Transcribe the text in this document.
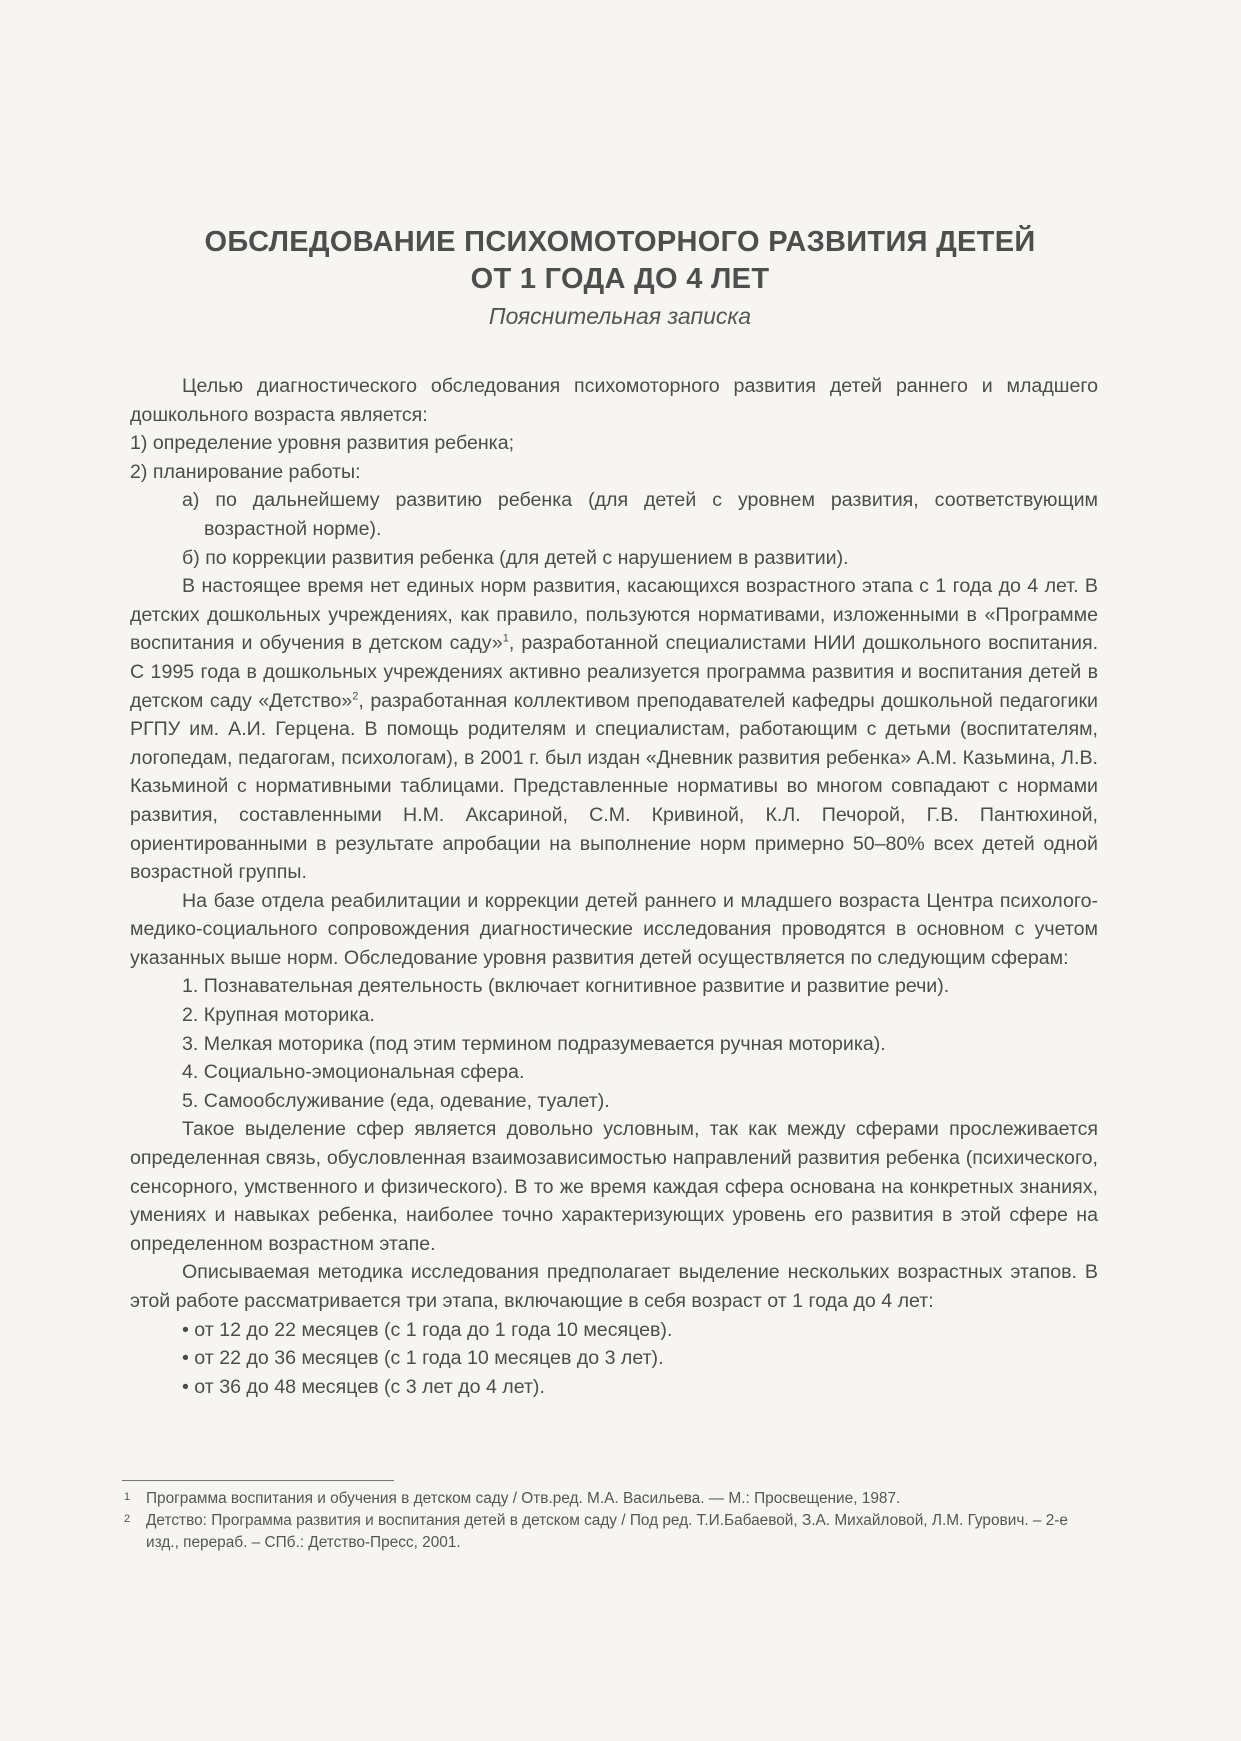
ОБСЛЕДОВАНИЕ ПСИХОМОТОРНОГО РАЗВИТИЯ ДЕТЕЙ
ОТ 1 ГОДА ДО 4 ЛЕТ
Пояснительная записка

Целью диагностического обследования психомоторного развития детей раннего и младшего дошкольного возраста является:

1) определение уровня развития ребенка;

2) планирование работы:

а) по дальнейшему развитию ребенка (для детей с уровнем развития, соответствующим возрастной норме).

б) по коррекции развития ребенка (для детей с нарушением в развитии).

В настоящее время нет единых норм развития, касающихся возрастного этапа с 1 года до 4 лет. В детских дошкольных учреждениях, как правило, пользуются нормативами, изложенными в «Программе воспитания и обучения в детском саду»$^1$, разработанной специалистами НИИ дошкольного воспитания. С 1995 года в дошкольных учреждениях активно реализуется программа развития и воспитания детей в детском саду «Детство»$^2$, разработанная коллективом преподавателей кафедры дошкольной педагогики РГПУ им. А.И. Герцена. В помощь родителям и специалистам, работающим с детьми (воспитателям, логопедам, педагогам, психологам), в 2001 г. был издан «Дневник развития ребенка» А.М. Казьмина, Л.В. Казьминой с нормативными таблицами. Представленные нормативы во многом совпадают с нормами развития, составленными Н.М. Аксариной, С.М. Кривиной, К.Л. Печорой, Г.В. Пантюхиной, ориентированными в результате апробации на выполнение норм примерно 50–80% всех детей одной возрастной группы.

На базе отдела реабилитации и коррекции детей раннего и младшего возраста Центра психолого-медико-социального сопровождения диагностические исследования проводятся в основном с учетом указанных выше норм. Обследование уровня развития детей осуществляется по следующим сферам:

1. Познавательная деятельность (включает когнитивное развитие и развитие речи).

2. Крупная моторика.

3. Мелкая моторика (под этим термином подразумевается ручная моторика).

4. Социально-эмоциональная сфера.

5. Самообслуживание (еда, одевание, туалет).

Такое выделение сфер является довольно условным, так как между сферами прослеживается определенная связь, обусловленная взаимозависимостью направлений развития ребенка (психического, сенсорного, умственного и физического). В то же время каждая сфера основана на конкретных знаниях, умениях и навыках ребенка, наиболее точно характеризующих уровень его развития в этой сфере на определенном возрастном этапе.

Описываемая методика исследования предполагает выделение нескольких возрастных этапов. В этой работе рассматривается три этапа, включающие в себя возраст от 1 года до 4 лет:

• от 12 до 22 месяцев (с 1 года до 1 года 10 месяцев).

• от 22 до 36 месяцев (с 1 года 10 месяцев до 3 лет).

• от 36 до 48 месяцев (с 3 лет до 4 лет).

1 Программа воспитания и обучения в детском саду / Отв.ред. М.А. Васильева. — М.: Просвещение, 1987.

2 Детство: Программа развития и воспитания детей в детском саду / Под ред. Т.И.Бабаевой, З.А. Михайловой, Л.М. Гурович. – 2-е изд., перераб. – СПб.: Детство-Пресс, 2001.
